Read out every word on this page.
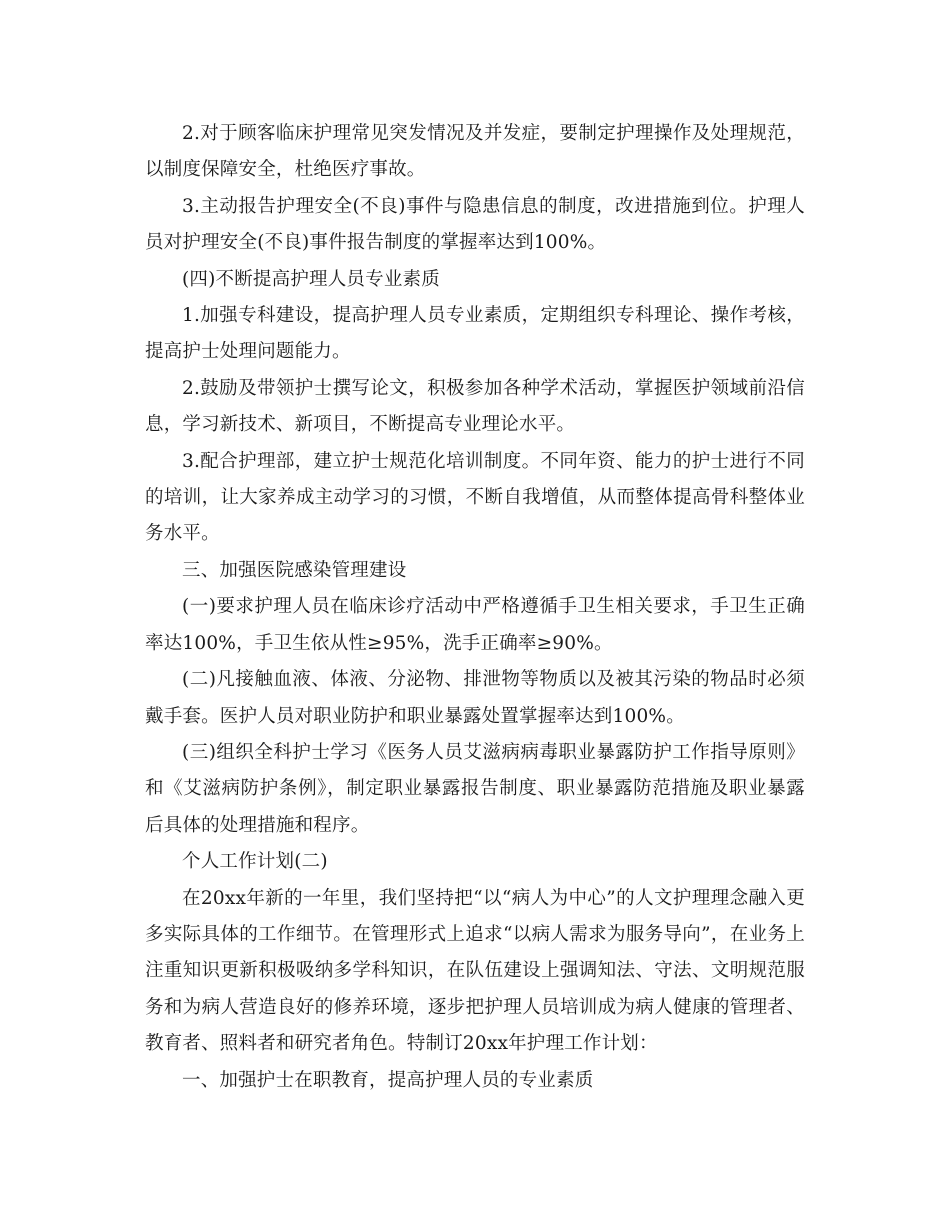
2.对于顾客临床护理常见突发情况及并发症，要制定护理操作及处理规范，以制度保障安全，杜绝医疗事故。

3.主动报告护理安全(不良)事件与隐患信息的制度，改进措施到位。护理人员对护理安全(不良)事件报告制度的掌握率达到100%。

(四)不断提高护理人员专业素质

1.加强专科建设，提高护理人员专业素质，定期组织专科理论、操作考核，提高护士处理问题能力。

2.鼓励及带领护士撰写论文，积极参加各种学术活动，掌握医护领域前沿信息，学习新技术、新项目，不断提高专业理论水平。

3.配合护理部，建立护士规范化培训制度。不同年资、能力的护士进行不同的培训，让大家养成主动学习的习惯，不断自我增值，从而整体提高骨科整体业务水平。

三、加强医院感染管理建设

(一)要求护理人员在临床诊疗活动中严格遵循手卫生相关要求，手卫生正确率达100%，手卫生依从性≥95%，洗手正确率≥90%。

(二)凡接触血液、体液、分泌物、排泄物等物质以及被其污染的物品时必须戴手套。医护人员对职业防护和职业暴露处置掌握率达到100%。

(三)组织全科护士学习《医务人员艾滋病病毒职业暴露防护工作指导原则》和《艾滋病防护条例》，制定职业暴露报告制度、职业暴露防范措施及职业暴露后具体的处理措施和程序。

个人工作计划(二)

在20xx年新的一年里，我们坚持把“以“病人为中心”的人文护理理念融入更多实际具体的工作细节。在管理形式上追求“以病人需求为服务导向”，在业务上注重知识更新积极吸纳多学科知识，在队伍建设上强调知法、守法、文明规范服务和为病人营造良好的修养环境，逐步把护理人员培训成为病人健康的管理者、教育者、照料者和研究者角色。特制订20xx年护理工作计划：

一、加强护士在职教育，提高护理人员的专业素质
